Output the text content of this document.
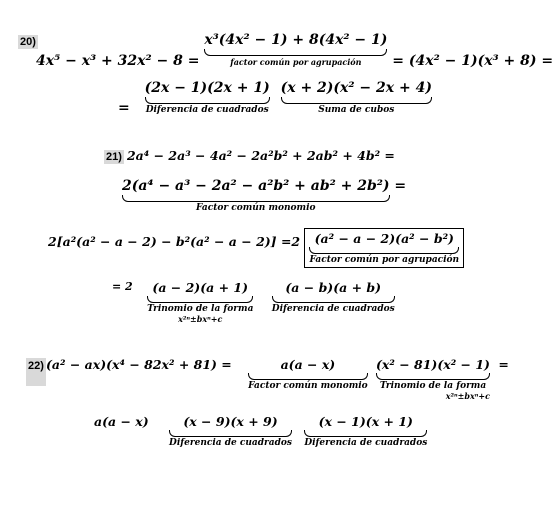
20)
4x⁵ − x³ + 32x² − 8 = x³(4x² − 1) + 8(4x² − 1)
factor común por agrupación	= (4x² − 1)(x³ + 8) =
= (2x − 1)(2x + 1)
Diferencia de cuadrados
(x + 2)(x² − 2x + 4)
Suma de cubos
21) 2a⁴ − 2a³ − 4a² − 2a²b² + 2ab² + 4b² =
2(a⁴ − a³ − 2a² − a²b² + ab² + 2b²)
Factor común monomio
=
2[a²(a² − a − 2) − b²(a² − a − 2)] =2 (a² − a − 2)(a² − b²)
Factor común por agrupación
= 2 (a − 2)(a + 1)
Trinomio de la forma
x²ⁿ±bxⁿ+c
(a − b)(a + b)
Diferencia de cuadrados
22) (a² − ax)(x⁴ − 82x² + 81) =	a(a − x)
Factor común monomio
(x² − 81)(x² − 1)
Trinomio de la forma
x²ⁿ±bxⁿ+c
=
a(a − x)	(x − 9)(x + 9)
Diferencia de cuadrados
(x − 1)(x + 1)
Diferencia de cuadrados
